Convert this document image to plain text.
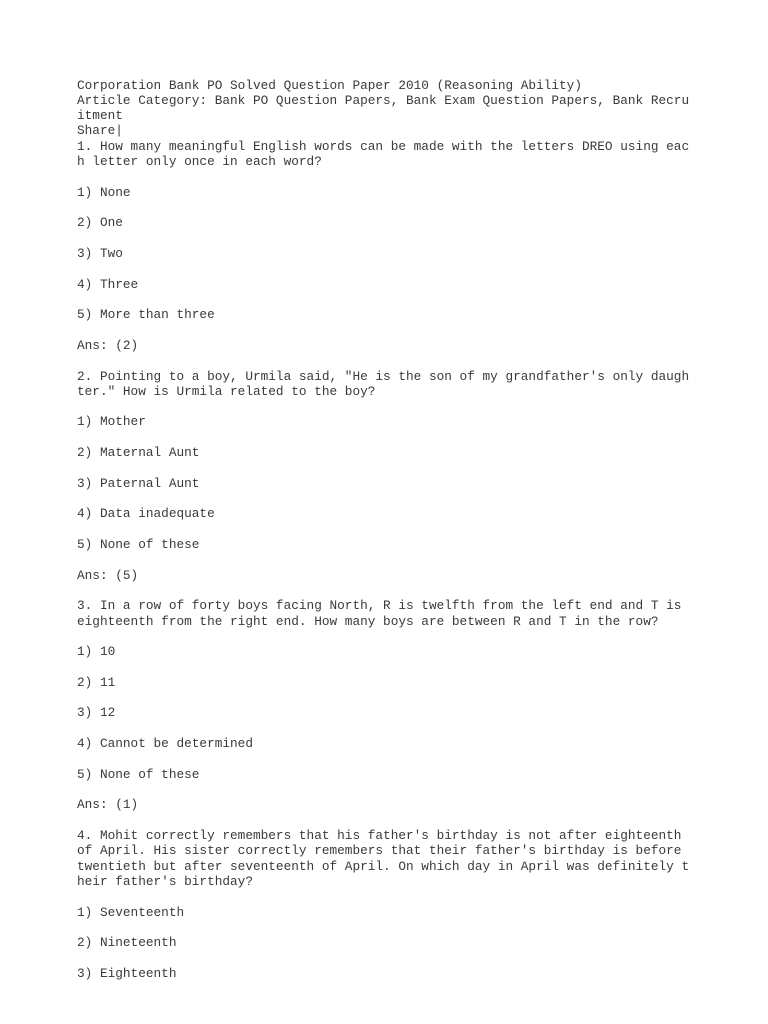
Corporation Bank PO Solved Question Paper 2010 (Reasoning Ability)
Article Category: Bank PO Question Papers, Bank Exam Question Papers, Bank Recru
itment
Share|
1. How many meaningful English words can be made with the letters DREO using eac
h letter only once in each word?
1) None
2) One
3) Two
4) Three
5) More than three
Ans: (2)
2. Pointing to a boy, Urmila said, "He is the son of my grandfather's only daugh
ter." How is Urmila related to the boy?
1) Mother
2) Maternal Aunt
3) Paternal Aunt
4) Data inadequate
5) None of these
Ans: (5)
3. In a row of forty boys facing North, R is twelfth from the left end and T is
eighteenth from the right end. How many boys are between R and T in the row?
1) 10
2) 11
3) 12
4) Cannot be determined
5) None of these
Ans: (1)
4. Mohit correctly remembers that his father's birthday is not after eighteenth
of April. His sister correctly remembers that their father's birthday is before
twentieth but after seventeenth of April. On which day in April was definitely t
heir father's birthday?
1) Seventeenth
2) Nineteenth
3) Eighteenth
